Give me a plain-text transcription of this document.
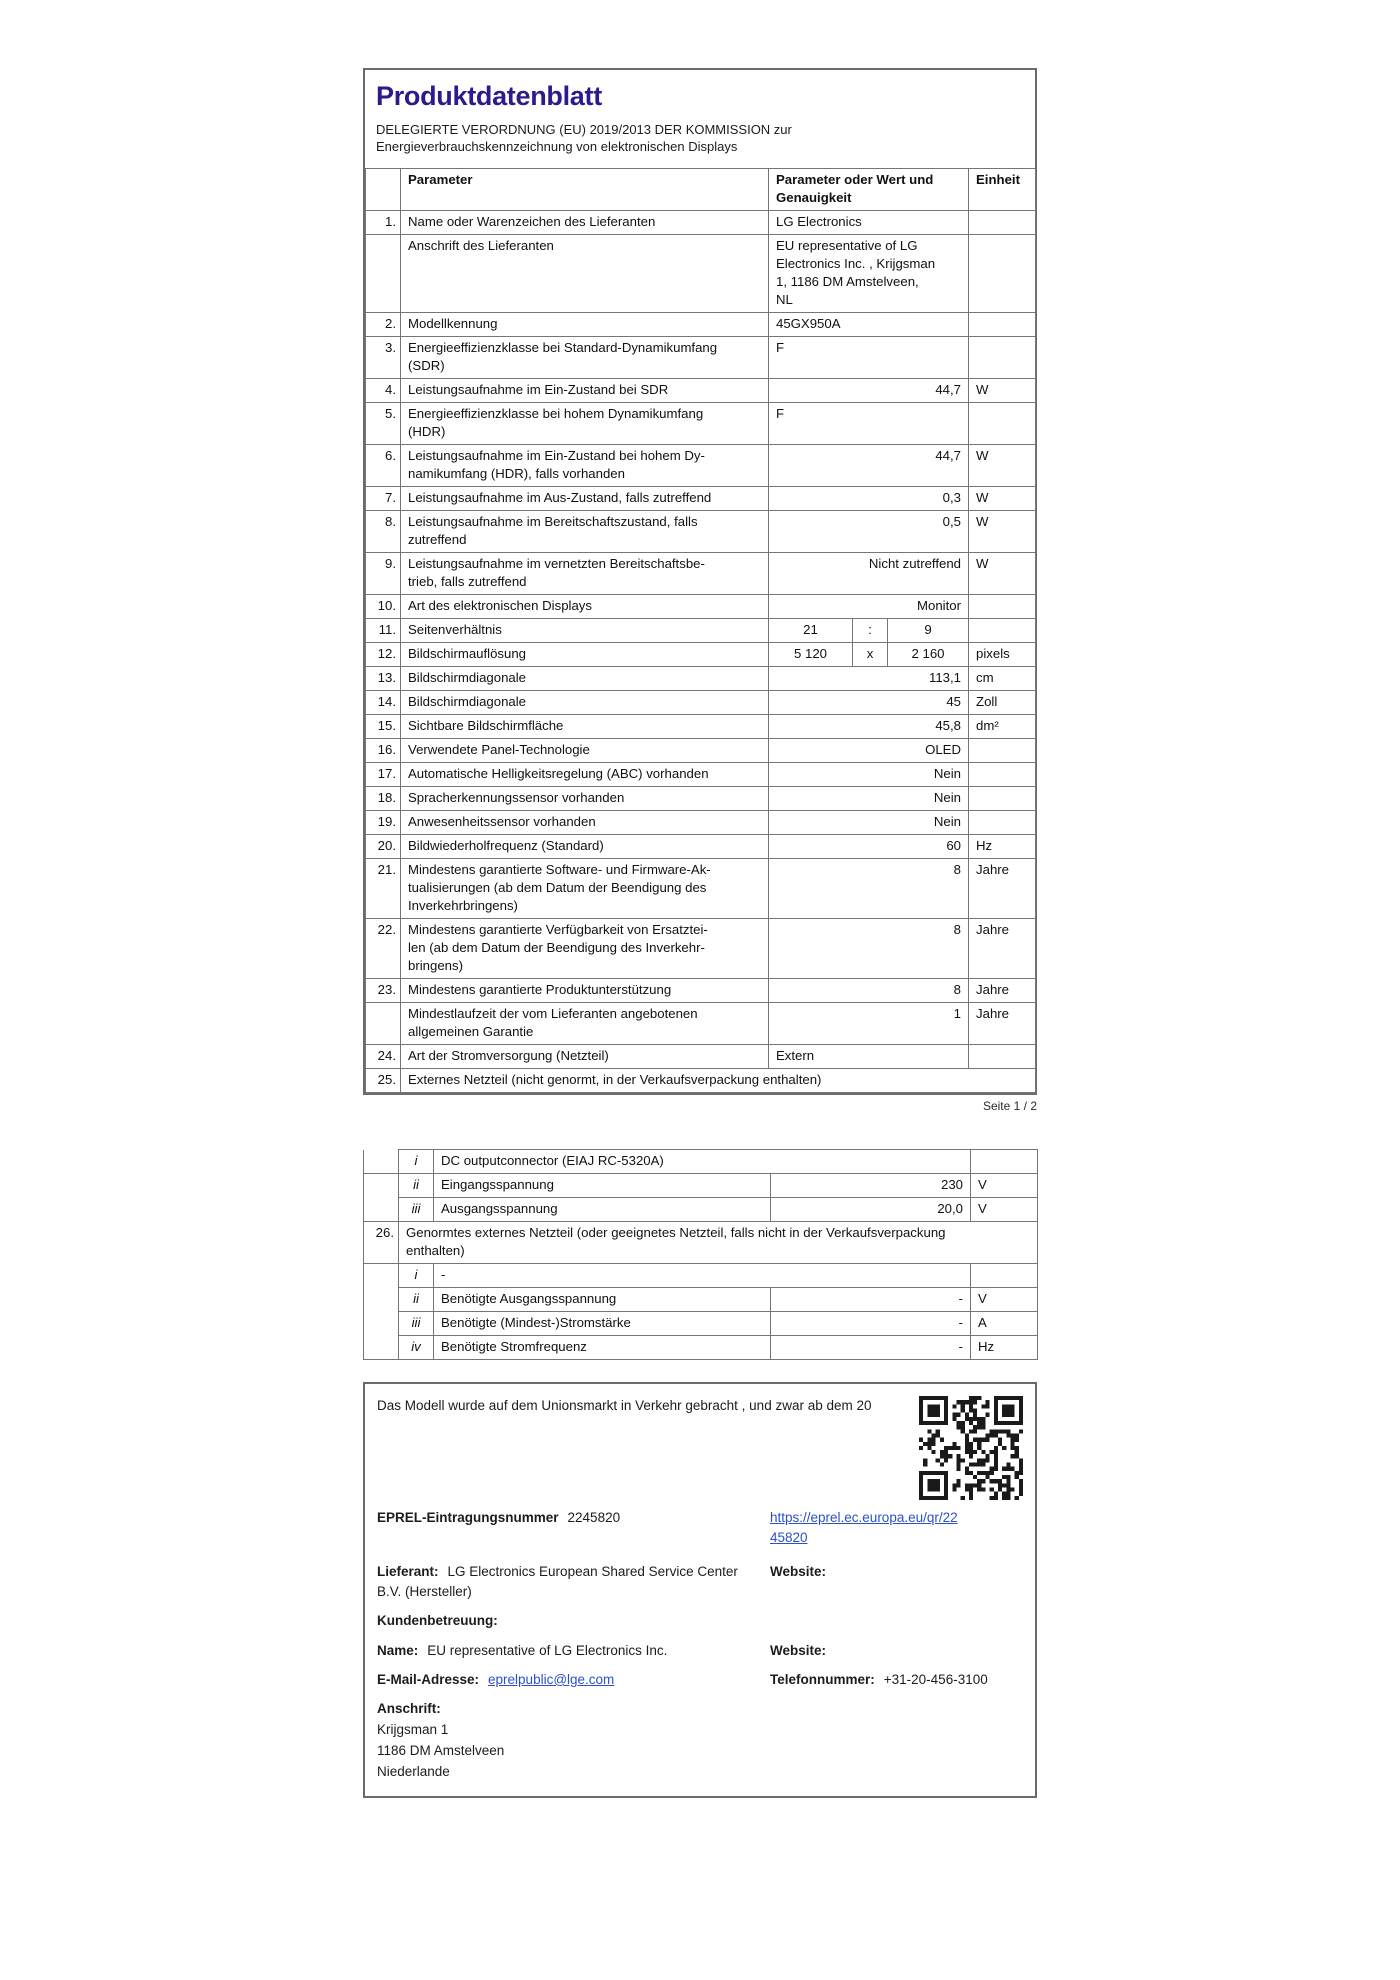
Produktdatenblatt
DELEGIERTE VERORDNUNG (EU) 2019/2013 DER KOMMISSION zur
Energieverbrauchskennzeichnung von elektronischen Displays
	Parameter	Parameter oder Wert und
Genauigkeit			Einheit
1.	Name oder Warenzeichen des Lieferanten	LG Electronics			
	Anschrift des Lieferanten	EU representative of LG
Electronics Inc. , Krijgsman
1, 1186 DM Amstelveen,
NL			
2.	Modellkennung	45GX950A			
3.	Energieeffizienzklasse bei Standard-Dynamikumfang
(SDR)	F			
4.	Leistungsaufnahme im Ein-Zustand bei SDR	44,7			W
5.	Energieeffizienzklasse bei hohem Dynamikumfang
(HDR)	F			
6.	Leistungsaufnahme im Ein-Zustand bei hohem Dy-
namikumfang (HDR), falls vorhanden	44,7			W
7.	Leistungsaufnahme im Aus-Zustand, falls zutreffend	0,3			W
8.	Leistungsaufnahme im Bereitschaftszustand, falls
zutreffend	0,5			W
9.	Leistungsaufnahme im vernetzten Bereitschaftsbe-
trieb, falls zutreffend	Nicht zutreffend			W
10.	Art des elektronischen Displays	Monitor			
11.	Seitenverhältnis	21	:	9	
12.	Bildschirmauflösung	5 120	x	2 160	pixels
13.	Bildschirmdiagonale	113,1			cm
14.	Bildschirmdiagonale	45			Zoll
15.	Sichtbare Bildschirmfläche	45,8			dm²
16.	Verwendete Panel-Technologie	OLED			
17.	Automatische Helligkeitsregelung (ABC) vorhanden	Nein			
18.	Spracherkennungssensor vorhanden	Nein			
19.	Anwesenheitssensor vorhanden	Nein			
20.	Bildwiederholfrequenz (Standard)	60			Hz
21.	Mindestens garantierte Software- und Firmware-Ak-
tualisierungen (ab dem Datum der Beendigung des
Inverkehrbringens)	8			Jahre
22.	Mindestens garantierte Verfügbarkeit von Ersatztei-
len (ab dem Datum der Beendigung des Inverkehr-
bringens)	8			Jahre
23.	Mindestens garantierte Produktunterstützung	8			Jahre
	Mindestlaufzeit der vom Lieferanten angebotenen
allgemeinen Garantie	1			Jahre
24.	Art der Stromversorgung (Netzteil)	Extern			
25.	Externes Netzteil (nicht genormt, in der Verkaufsverpackung enthalten)				
Seite 1 / 2
	i	DC outputconnector (EIAJ RC-5320A)		
	ii	Eingangsspannung	230	V
	iii	Ausgangsspannung	20,0	V
26.	Genormtes externes Netzteil (oder geeignetes Netzteil, falls nicht in der Verkaufsverpackung
enthalten)			
	i	-		
	ii	Benötigte Ausgangsspannung	-	V
	iii	Benötigte (Mindest-)Stromstärke	-	A
	iv	Benötigte Stromfrequenz	-	Hz
Das Modell wurde auf dem Unionsmarkt in Verkehr gebracht , und zwar ab dem 20
EPREL-Eintragungsnummer 2245820	https://eprel.ec.europa.eu/qr/22
45820
Lieferant: LG Electronics European Shared Service Center
B.V. (Hersteller)
Website:
Kundenbetreuung:
Name: EU representative of LG Electronics Inc.	Website:
E-Mail-Adresse: eprelpublic@lge.com	Telefonnummer: +31-20-456-3100
Anschrift:
Krijgsman 1
1186 DM Amstelveen
Niederlande
